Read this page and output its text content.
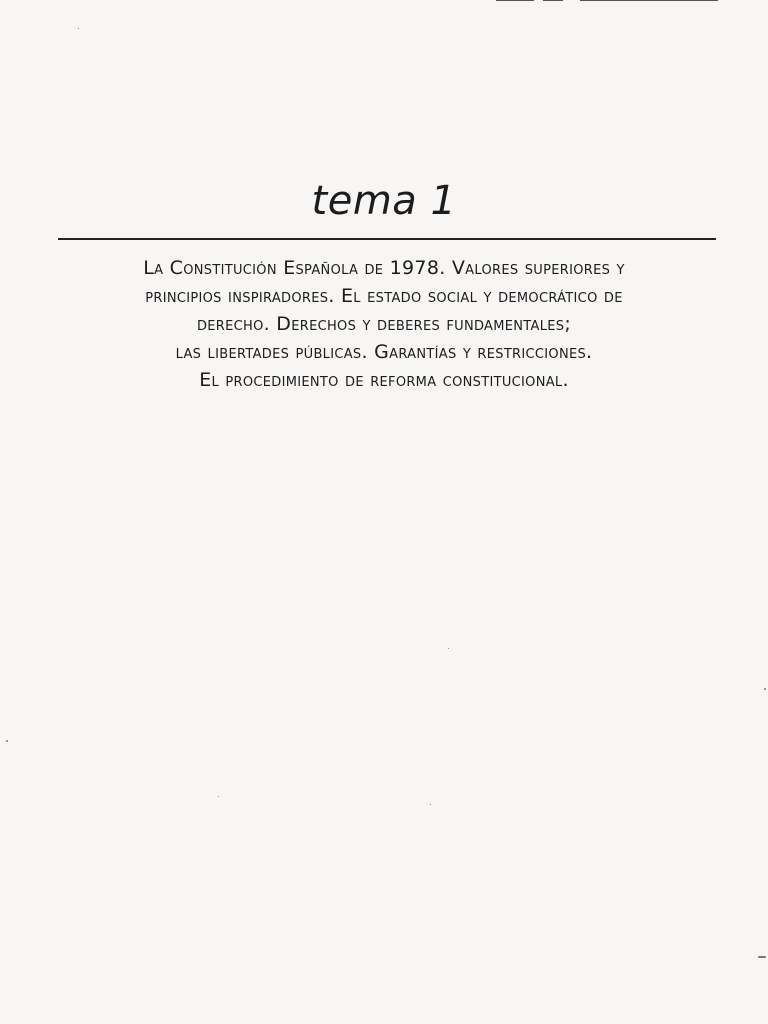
tema 1
La Constitución Española de 1978. Valores superiores y
principios inspiradores. El estado social y democrático de
derecho. Derechos y deberes fundamentales;
las libertades públicas. Garantías y restricciones.
El procedimiento de reforma constitucional.
